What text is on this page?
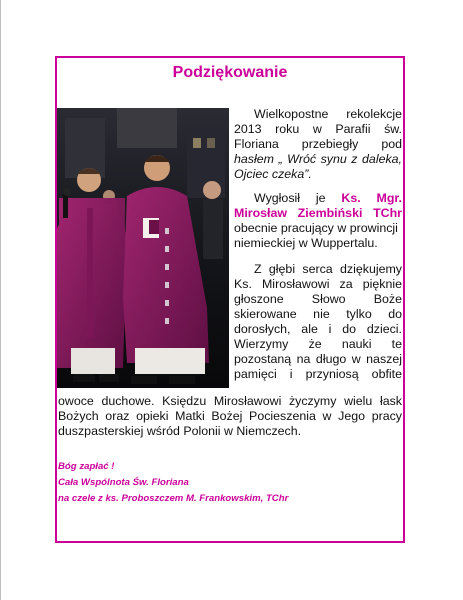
Podziękowanie
Wielkopostne rekolekcje
2013 roku w Parafii św.
Floriana przebiegły pod
hasłem „ Wróć synu z daleka,
Ojciec czeka”.
Wygłosił je Ks. Mgr.
Mirosław Ziembiński TChr
obecnie pracujący w prowincji
niemieckiej w Wuppertalu.
Z głębi serca dziękujemy
Ks. Mirosławowi za pięknie
głoszone Słowo Boże
skierowane nie tylko do
dorosłych, ale i do dzieci.
Wierzymy że nauki te
pozostaną na długo w naszej
pamięci i przyniosą obfite
owoce duchowe. Księdzu Mirosławowi życzymy wielu łask
Bożych oraz opieki Matki Bożej Pocieszenia w Jego pracy
duszpasterskiej wśród Polonii w Niemczech.
Bóg zapłać !
Cała Wspólnota Św. Floriana
na czele z ks. Proboszczem M. Frankowskim, TChr
